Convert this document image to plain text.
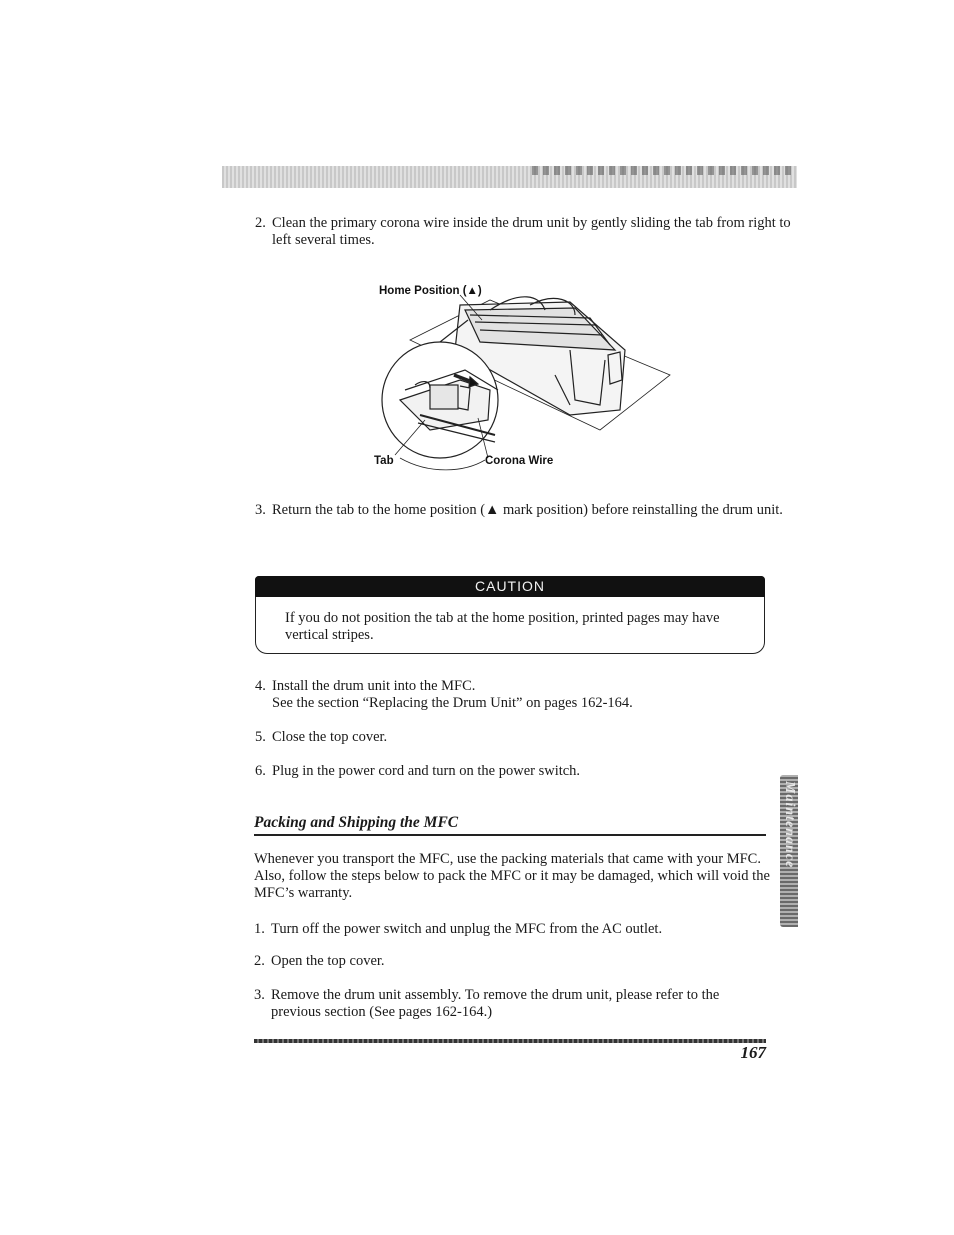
2. Clean the primary corona wire inside the drum unit by gently sliding the tab from right to left several times.
Home Position (▲)
Tab	Corona Wire
3. Return the tab to the home position (▲ mark position) before reinstalling the drum unit.
CAUTION
If you do not position the tab at the home position, printed pages may have vertical stripes.
4. Install the drum unit into the MFC.
See the section “Replacing the Drum Unit” on pages 162-164.
5. Close the top cover.
6. Plug in the power cord and turn on the power switch.
Packing and Shipping the MFC
Whenever you transport the MFC, use the packing materials that came with your MFC. Also, follow the steps below to pack the MFC or it may be damaged, which will void the MFC’s warranty.
1. Turn off the power switch and unplug the MFC from the AC outlet.
2. Open the top cover.
3. Remove the drum unit assembly. To remove the drum unit, please refer to the previous section (See pages 162-164.)
Maintenance
167
